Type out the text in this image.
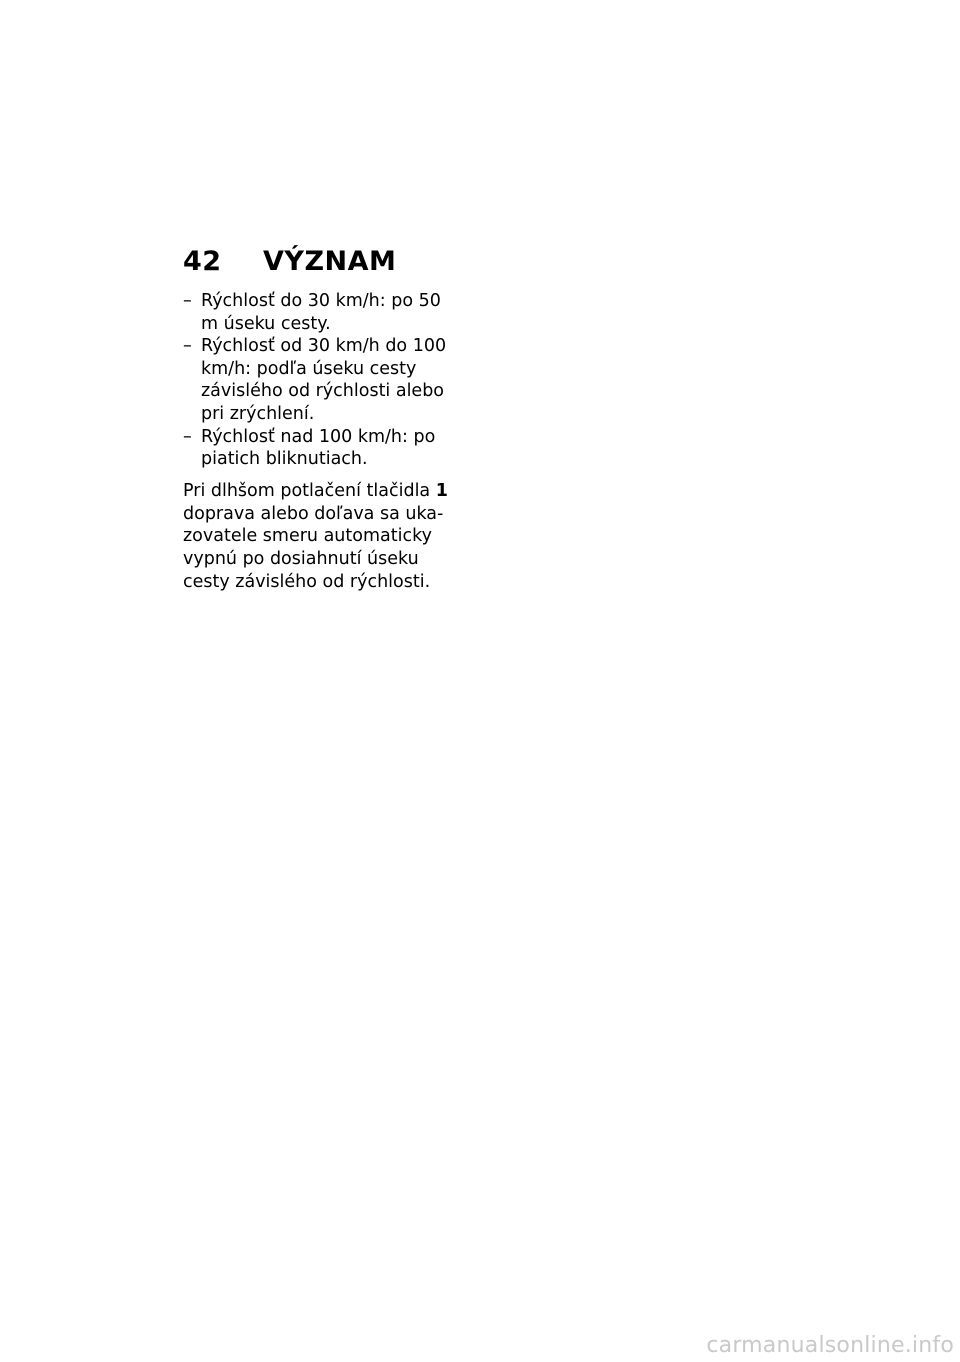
42	VÝZNAM
– Rýchlosť do 30 km/h: po 50 m úseku cesty.
– Rýchlosť od 30 km/h do 100 km/h: podľa úseku cesty závislého od rýchlosti alebo pri zrýchlení.
– Rýchlosť nad 100 km/h: po piatich bliknutiach.

Pri dlhšom potlačení tlačidla 1 doprava alebo doľava sa ukazovatele smeru automaticky vypnú po dosiahnutí úseku cesty závislého od rýchlosti.

carmanualsonline.info
